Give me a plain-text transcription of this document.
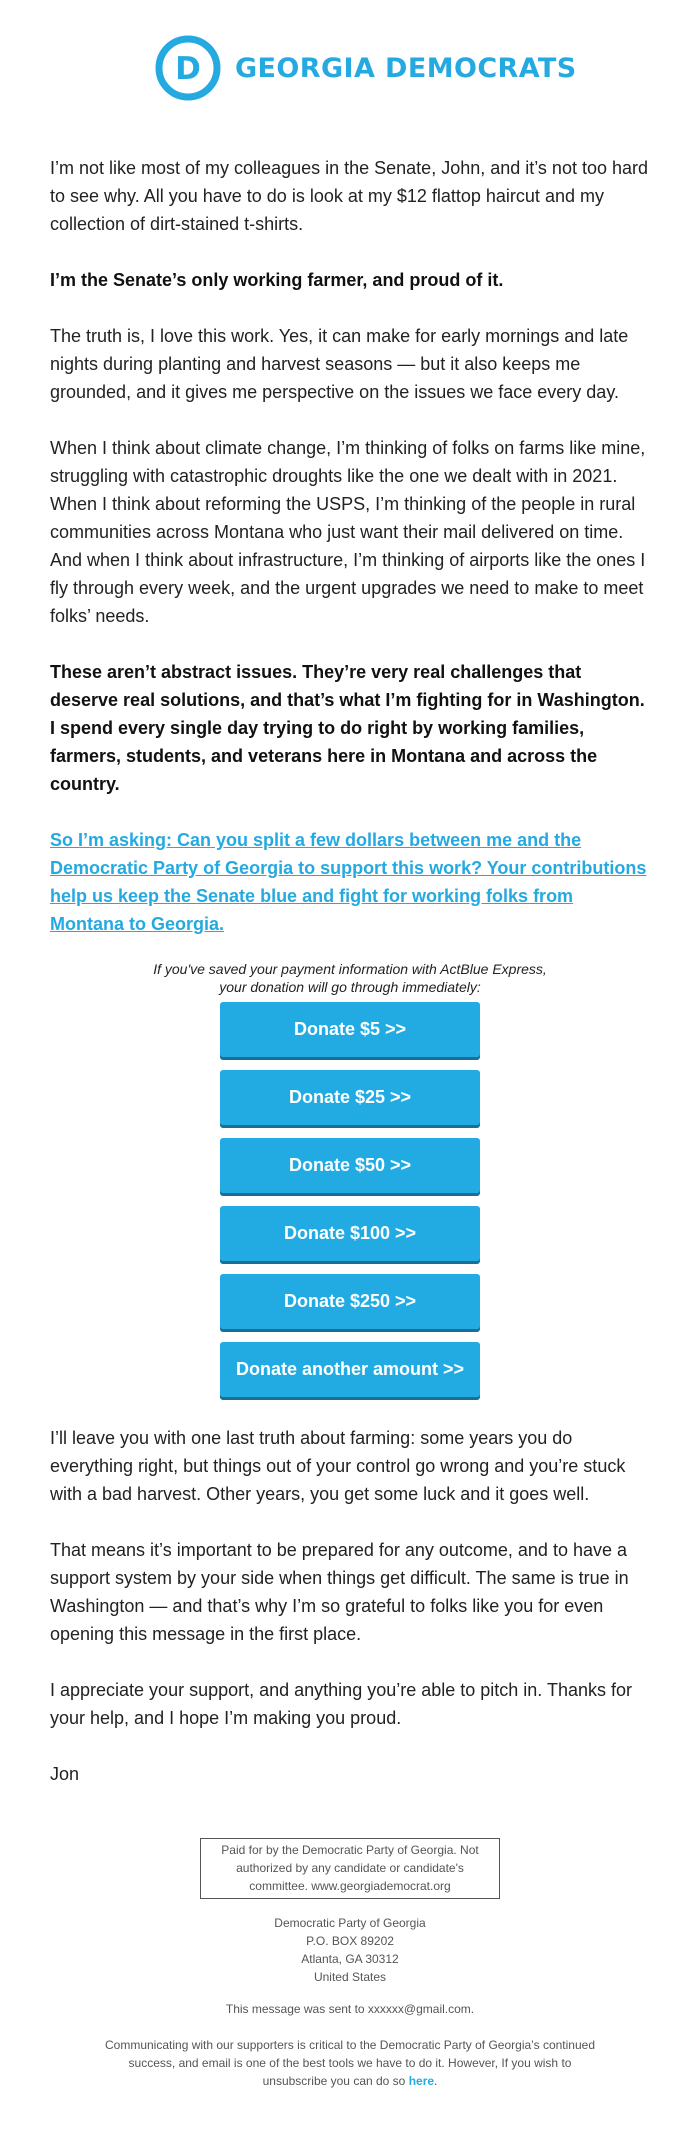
D GEORGIA DEMOCRATS

I’m not like most of my colleagues in the Senate, John, and it’s not too hard to see why. All you have to do is look at my $12 flattop haircut and my collection of dirt-stained t-shirts.

I’m the Senate’s only working farmer, and proud of it.

The truth is, I love this work. Yes, it can make for early mornings and late nights during planting and harvest seasons — but it also keeps me grounded, and it gives me perspective on the issues we face every day.

When I think about climate change, I’m thinking of folks on farms like mine, struggling with catastrophic droughts like the one we dealt with in 2021. When I think about reforming the USPS, I’m thinking of the people in rural communities across Montana who just want their mail delivered on time. And when I think about infrastructure, I’m thinking of airports like the ones I fly through every week, and the urgent upgrades we need to make to meet folks’ needs.

These aren’t abstract issues. They’re very real challenges that deserve real solutions, and that’s what I’m fighting for in Washington. I spend every single day trying to do right by working families, farmers, students, and veterans here in Montana and across the country.

So I’m asking: Can you split a few dollars between me and the Democratic Party of Georgia to support this work? Your contributions help us keep the Senate blue and fight for working folks from Montana to Georgia.

If you've saved your payment information with ActBlue Express,
your donation will go through immediately:
Donate $5 >>
Donate $25 >>
Donate $50 >>
Donate $100 >>
Donate $250 >>
Donate another amount >>

I’ll leave you with one last truth about farming: some years you do everything right, but things out of your control go wrong and you’re stuck with a bad harvest. Other years, you get some luck and it goes well.

That means it’s important to be prepared for any outcome, and to have a support system by your side when things get difficult. The same is true in Washington — and that’s why I’m so grateful to folks like you for even opening this message in the first place.

I appreciate your support, and anything you’re able to pitch in. Thanks for your help, and I hope I’m making you proud.

Jon

Paid for by the Democratic Party of Georgia. Not authorized by any candidate or candidate's committee. www.georgiademocrat.org
Democratic Party of Georgia
P.O. BOX 89202
Atlanta, GA 30312
United States
This message was sent to xxxxxx@gmail.com.
Communicating with our supporters is critical to the Democratic Party of Georgia’s continued success, and email is one of the best tools we have to do it. However, If you wish to unsubscribe you can do so here.
